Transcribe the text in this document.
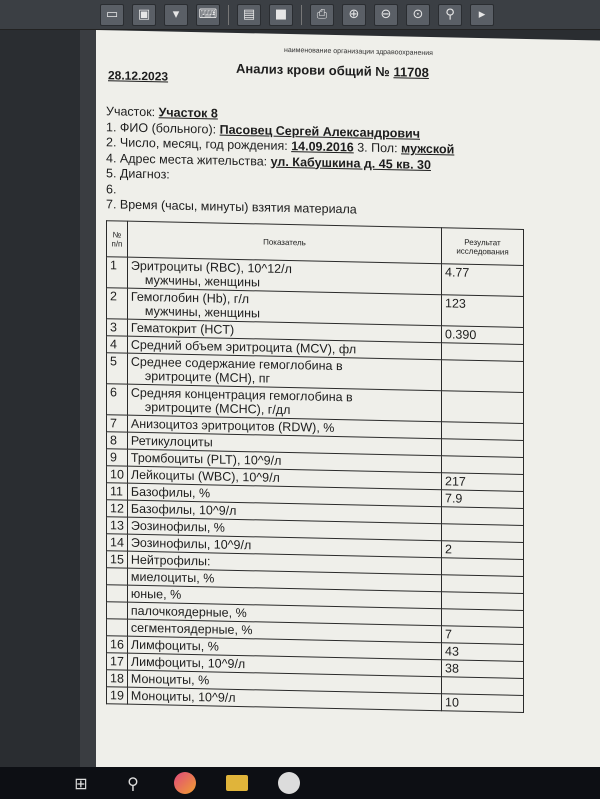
▭ ▣ ▾ ⌨ ▤ ■ ⎙ ⊕ ⊖ ⊙ ⚲ ▸
наименование организации здравоохранения
28.12.2023	Анализ крови общий № 11708
Участок: Участок 8
1. ФИО (больного): Пасовец Сергей Александрович
2. Число, месяц, год рождения: 14.09.2016 3. Пол: мужской
4. Адрес места жительства: ул. Кабушкина д. 45 кв. 30
5. Диагноз:
6.
7. Время (часы, минуты) взятия материала
№ п/п	Показатель	Результат исследования
1	Эритроциты (RBC), 10^12/л
мужчины, женщины	4.77
2	Гемоглобин (Hb), г/л
мужчины, женщины	123
3	Гематокрит (HCT)	0.390
4	Средний объем эритроцита (MCV), фл	

5	Среднее содержание гемоглобина в
эритроците (MCH), пг	

6	Средняя концентрация гемоглобина в
эритроците (MCHC), г/дл	

7	Анизоцитоз эритроцитов (RDW), %	

8	Ретикулоциты	

9	Тромбоциты (PLT), 10^9/л	

10	Лейкоциты (WBC), 10^9/л	217
11	Базофилы, %	7.9
12	Базофилы, 10^9/л	

13	Эозинофилы, %	

14	Эозинофилы, 10^9/л	2
15	Нейтрофилы:	

	миелоциты, %	

	юные, %	

	палочкоядерные, %	

	сегментоядерные, %	7
16	Лимфоциты, %	43
17	Лимфоциты, 10^9/л	38
18	Моноциты, %	

19	Моноциты, 10^9/л	10
⊞	⚲
